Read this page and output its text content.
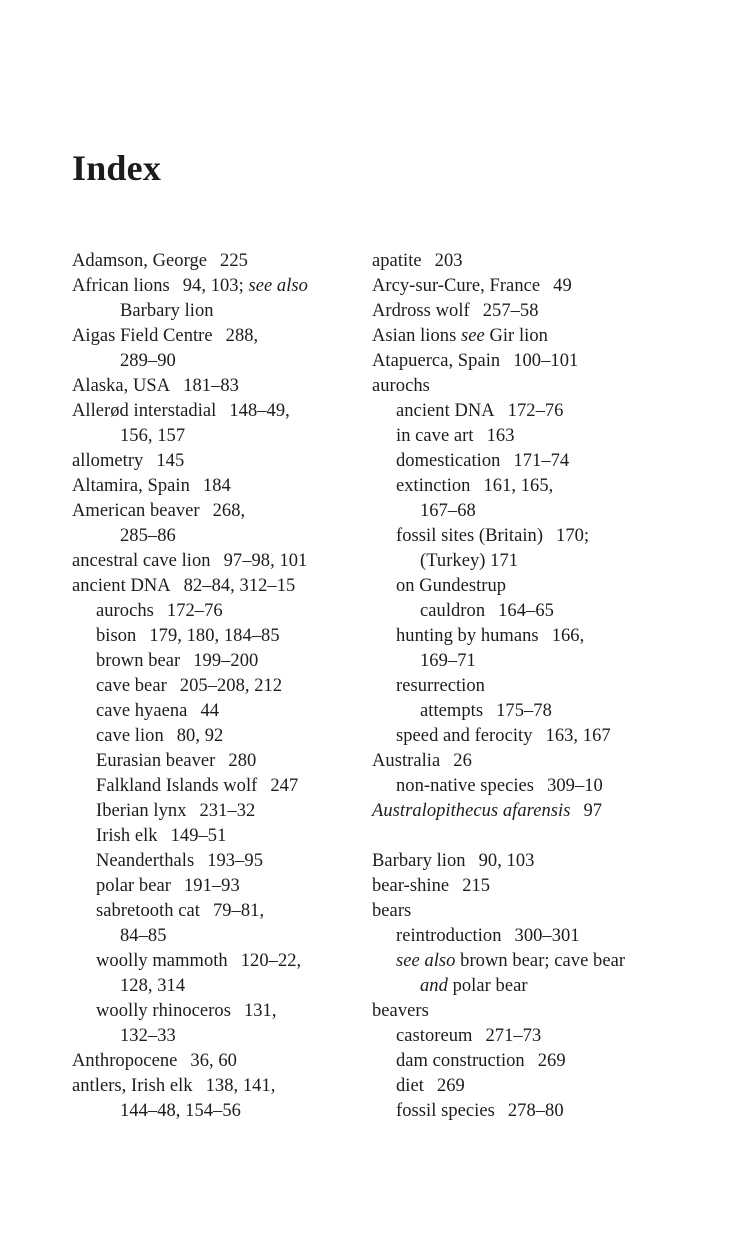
Index
Adamson, George 225
African lions 94, 103; see also
Barbary lion
Aigas Field Centre 288,
289–90
Alaska, USA 181–83
Allerød interstadial 148–49,
156, 157
allometry 145
Altamira, Spain 184
American beaver 268,
285–86
ancestral cave lion 97–98, 101
ancient DNA 82–84, 312–15
aurochs 172–76
bison 179, 180, 184–85
brown bear 199–200
cave bear 205–208, 212
cave hyaena 44
cave lion 80, 92
Eurasian beaver 280
Falkland Islands wolf 247
Iberian lynx 231–32
Irish elk 149–51
Neanderthals 193–95
polar bear 191–93
sabretooth cat 79–81,
84–85
woolly mammoth 120–22,
128, 314
woolly rhinoceros 131,
132–33
Anthropocene 36, 60
antlers, Irish elk 138, 141,
144–48, 154–56
apatite 203
Arcy-sur-Cure, France 49
Ardross wolf 257–58
Asian lions see Gir lion
Atapuerca, Spain 100–101
aurochs
ancient DNA 172–76
in cave art 163
domestication 171–74
extinction 161, 165,
167–68
fossil sites (Britain) 170;
(Turkey) 171
on Gundestrup
cauldron 164–65
hunting by humans 166,
169–71
resurrection
attempts 175–78
speed and ferocity 163, 167
Australia 26
non-native species 309–10
Australopithecus afarensis 97
Barbary lion 90, 103
bear-shine 215
bears
reintroduction 300–301
see also brown bear; cave bear
and polar bear
beavers
castoreum 271–73
dam construction 269
diet 269
fossil species 278–80
